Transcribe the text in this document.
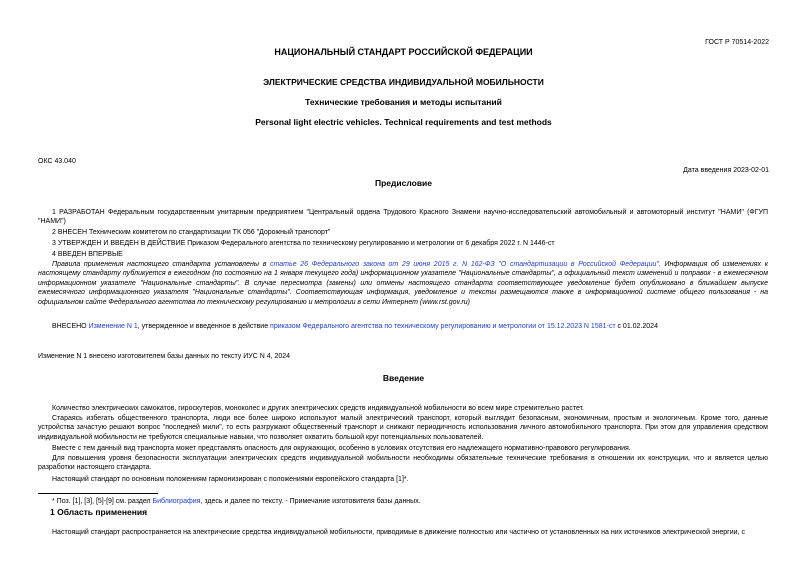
ГОСТ Р 70514-2022
НАЦИОНАЛЬНЫЙ СТАНДАРТ РОССИЙСКОЙ ФЕДЕРАЦИИ
ЭЛЕКТРИЧЕСКИЕ СРЕДСТВА ИНДИВИДУАЛЬНОЙ МОБИЛЬНОСТИ
Технические требования и методы испытаний
Personal light electric vehicles. Technical requirements and test methods
ОКС 43.040
Дата введения 2023-02-01
Предисловие
1 РАЗРАБОТАН Федеральным государственным унитарным предприятием "Центральный ордена Трудового Красного Знамени научно-исследовательский автомобильный и автомоторный институт "НАМИ" (ФГУП "НАМИ")
2 ВНЕСЕН Техническим комитетом по стандартизации ТК 056 "Дорожный транспорт"
3 УТВЕРЖДЕН И ВВЕДЕН В ДЕЙСТВИЕ Приказом Федерального агентства по техническому регулированию и метрологии от 6 декабря 2022 г. N 1446-ст
4 ВВЕДЕН ВПЕРВЫЕ
Правила применения настоящего стандарта установлены в статье 26 Федерального закона от 29 июня 2015 г. N 162-ФЗ "О стандартизации в Российской Федерации". Информация об изменениях к настоящему стандарту публикуется в ежегодном (по состоянию на 1 января текущего года) информационном указателе "Национальные стандарты", а официальный текст изменений и поправок - в ежемесячном информационном указателе "Национальные стандарты". В случае пересмотра (замены) или отмены настоящего стандарта соответствующее уведомление будет опубликовано в ближайшем выпуске ежемесячного информационного указателя "Национальные стандарты". Соответствующая информация, уведомление и тексты размещаются также в информационной системе общего пользования - на официальном сайте Федерального агентства по техническому регулированию и метрологии в сети Интернет (www.rst.gov.ru)
ВНЕСЕНО Изменение N 1, утвержденное и введенное в действие приказом Федерального агентства по техническому регулированию и метрологии от 15.12.2023 N 1581-ст с 01.02.2024
Изменение N 1 внесено изготовителем базы данных по тексту ИУС N 4, 2024
Введение
Количество электрических самокатов, гироскутеров, моноколес и других электрических средств индивидуальной мобильности во всем мире стремительно растет.
Стараясь избегать общественного транспорта, люди все более широко используют малый электрический транспорт, который выглядит безопасным, экономичным, простым и экологичным. Кроме того, данные устройства зачастую решают вопрос "последней мили", то есть разгружают общественный транспорт и снижают периодичность использования личного автомобильного транспорта. При этом для управления средством индивидуальной мобильности не требуются специальные навыки, что позволяет охватить большой круг потенциальных пользователей.
Вместе с тем данный вид транспорта может представлять опасность для окружающих, особенно в условиях отсутствия его надлежащего нормативно-правового регулирования.
Для повышения уровня безопасности эксплуатации электрических средств индивидуальной мобильности необходимы обязательные технические требования в отношении их конструкции, что и является целью разработки настоящего стандарта.
Настоящий стандарт по основным положениям гармонизирован с положениями европейского стандарта [1]*.
* Поз. [1], [3], [5]-[9] см. раздел Библиография, здесь и далее по тексту. - Примечание изготовителя базы данных.
1 Область применения
Настоящий стандарт распространяется на электрические средства индивидуальной мобильности, приводимые в движение полностью или частично от установленных на них источников электрической энергии, с
